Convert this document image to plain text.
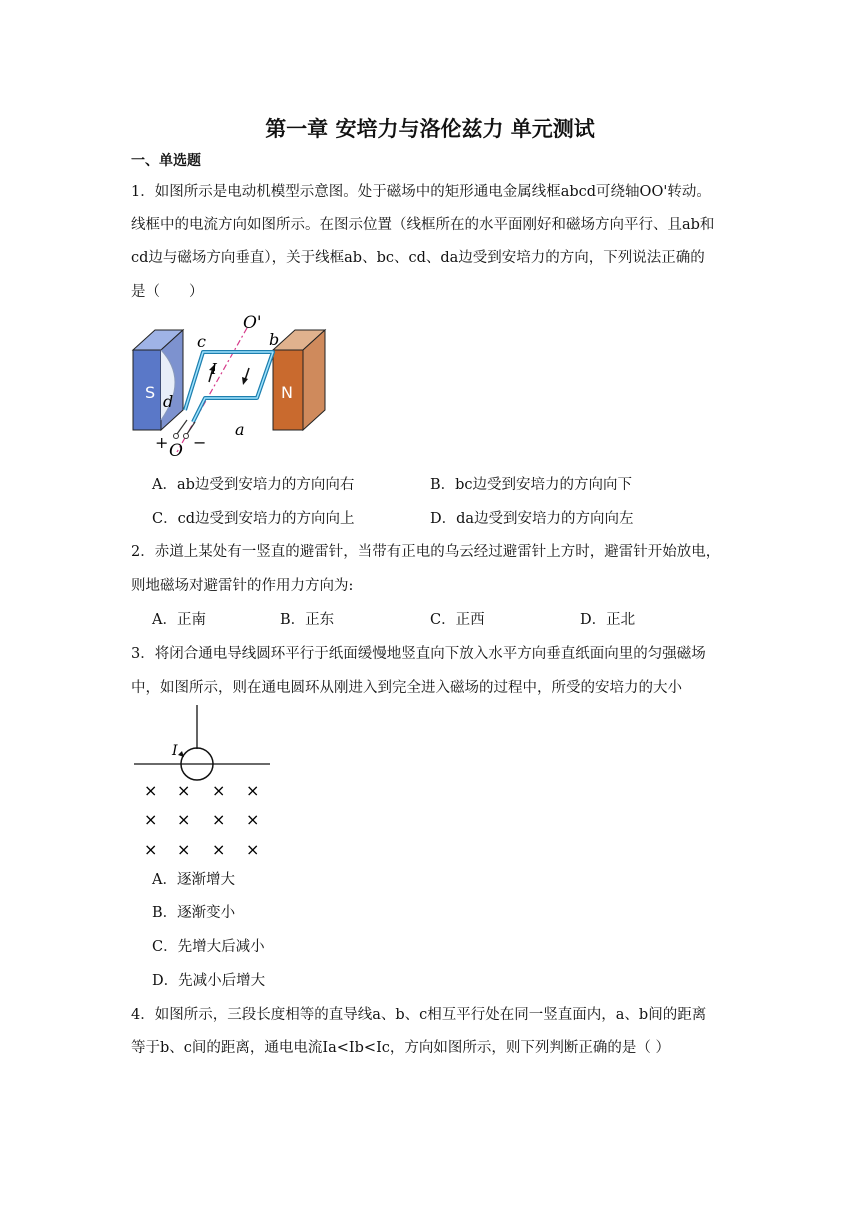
第一章 安培力与洛伦兹力 单元测试
一、单选题
1．如图所示是电动机模型示意图。处于磁场中的矩形通电金属线框abcd可绕轴OO'转动。
线框中的电流方向如图所示。在图示位置（线框所在的水平面刚好和磁场方向平行、且ab和
cd边与磁场方向垂直），关于线框ab、bc、cd、da边受到安培力的方向，下列说法正确的
是（　　）
S	N
O'
O
a
b
c
d
I
+ −
A．ab边受到安培力的方向向右	B．bc边受到安培力的方向向下
C．cd边受到安培力的方向向上	D．da边受到安培力的方向向左
2．赤道上某处有一竖直的避雷针，当带有正电的乌云经过避雷针上方时，避雷针开始放电，
则地磁场对避雷针的作用力方向为:
A．正南	B．正东	C．正西	D．正北
3．将闭合通电导线圆环平行于纸面缓慢地竖直向下放入水平方向垂直纸面向里的匀强磁场
中，如图所示，则在通电圆环从刚进入到完全进入磁场的过程中，所受的安培力的大小
I
× × × ×
× × × ×
× × × ×
A．逐渐增大
B．逐渐变小
C．先增大后减小
D．先减小后增大
4．如图所示，三段长度相等的直导线a、b、c相互平行处在同一竖直面内，a、b间的距离
等于b、c间的距离，通电电流Ia<Ib<Ic，方向如图所示，则下列判断正确的是（ ）
